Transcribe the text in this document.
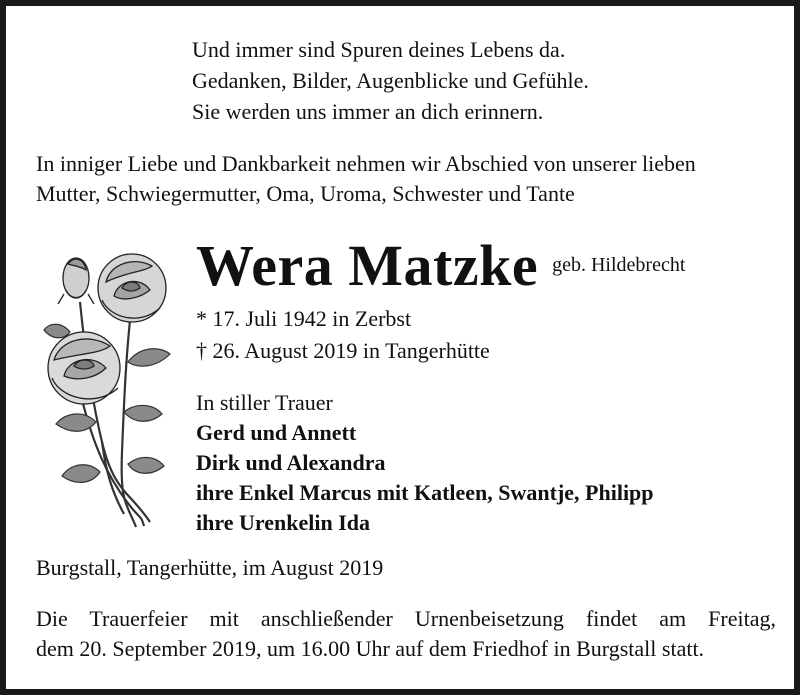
Und immer sind Spuren deines Lebens da.
Gedanken, Bilder, Augenblicke und Gefühle.
Sie werden uns immer an dich erinnern.
In inniger Liebe und Dankbarkeit nehmen wir Abschied von unserer lieben
Mutter, Schwiegermutter, Oma, Uroma, Schwester und Tante
Wera Matzke geb. Hildebrecht
* 17. Juli 1942 in Zerbst
† 26. August 2019 in Tangerhütte
In stiller Trauer
Gerd und Annett
Dirk und Alexandra
ihre Enkel Marcus mit Katleen, Swantje, Philipp
ihre Urenkelin Ida
Burgstall, Tangerhütte, im August 2019
Die Trauerfeier mit anschließender Urnenbeisetzung findet am Freitag,
dem 20. September 2019, um 16.00 Uhr auf dem Friedhof in Burgstall statt.
